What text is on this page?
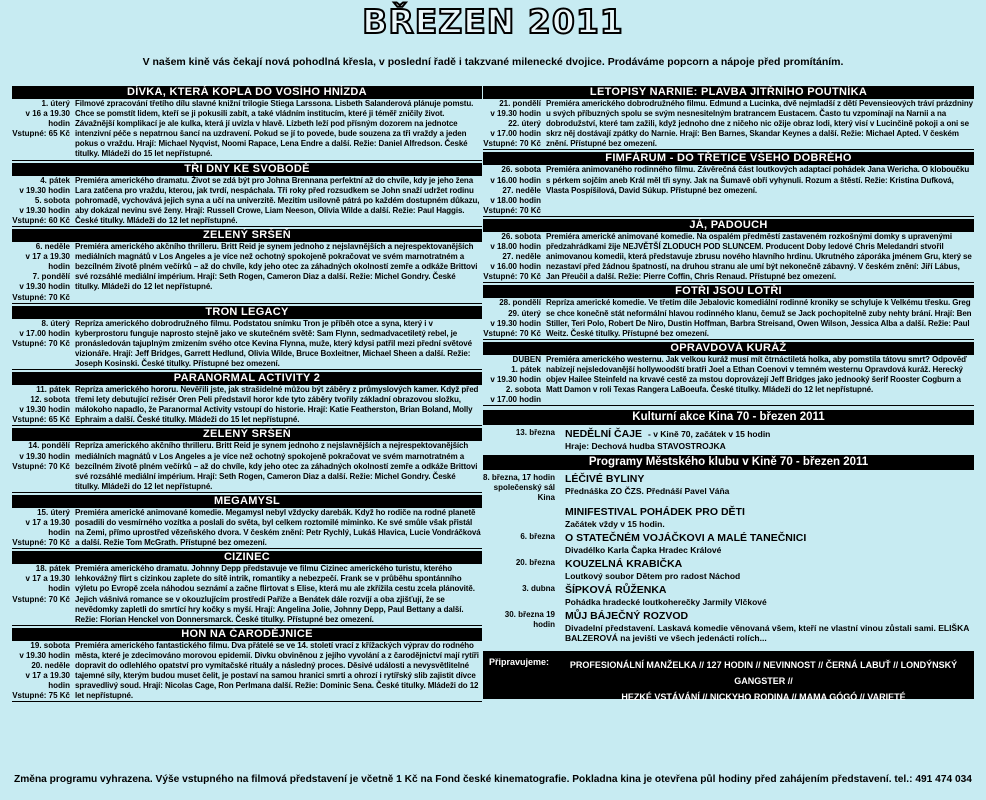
BŘEZEN 2011
V našem kině vás čekají nová pohodlná křesla, v poslední řadě i takzvané milenecké dvojice. Prodáváme popcorn a nápoje před promítáním.
DÍVKA, KTERÁ KOPLA DO VOSÍHO HNÍZDA
1. úterý
v 16 a 19.30 hodin
Vstupné: 65 Kč
Filmové zpracování třetího dílu slavné knižní trilogie Stiega Larssona. Lisbeth Salanderová plánuje pomstu. Chce se pomstít lidem, kteří se ji pokusili zabít, a také vládním institucím, které ji téměř zničily život. Závažnější komplikací je ale kulka, která jí uvízla v hlavě. Lízbeth leží pod přísným dozorem na jednotce intenzivní péče s nepatrnou šancí na uzdravení. Pokud se jí to povede, bude souzena za tři vraždy a jeden pokus o vraždu. Hrají: Michael Nyqvist, Noomi Rapace, Lena Endre a další. Režie: Daniel Alfredson. České titulky. Mládeži do 15 let nepřístupné.
TŘI DNY KE SVOBODĚ
4. pátek
v 19.30 hodin
5. sobota
v 19.30 hodin
Vstupné: 60 Kč
Premiéra amerického dramatu. Život se zdá být pro Johna Brennana perfektní až do chvíle, kdy je jeho žena Lara zatčena pro vraždu, kterou, jak tvrdí, nespáchala. Tři roky před rozsudkem se John snaží udržet rodinu pohromadě, vychovává jejich syna a učí na univerzitě. Mezitím usilovně pátrá po každém dostupném důkazu, aby dokázal nevinu své ženy. Hrají: Russell Crowe, Liam Neeson, Olivia Wilde a další. Režie: Paul Haggis. České titulky. Mládeži do 12 let nepřístupné.
ZELENÝ SRŠEŇ
6. neděle
v 17 a 19.30 hodin
7. pondělí
v 19.30 hodin
Vstupné: 70 Kč
Premiéra amerického akčního thrilleru. Britt Reid je synem jednoho z nejslavnějších a nejrespektovanějších mediálních magnátů v Los Angeles a je více než ochotný spokojeně pokračovat ve svém marnotratném a bezcílném životě plném večírků – až do chvíle, kdy jeho otec za záhadných okolností zemře a odkáže Brittovi své rozsáhlé mediální impérium. Hrají: Seth Rogen, Cameron Diaz a další. Režie: Michel Gondry. České titulky. Mládeži do 12 let nepřístupné.
TRON LEGACY
8. úterý
v 17.00 hodin
Vstupné: 70 Kč
Repríza amerického dobrodružného filmu. Podstatou snímku Tron je příběh otce a syna, který i v kyberprostoru funguje naprosto stejně jako ve skutečném světě: Sam Flynn, sedmadvacetiletý rebel, je pronásledován tajuplným zmizením svého otce Kevina Flynna, muže, který kdysi patřil mezi přední světové vizionáře. Hrají: Jeff Bridges, Garrett Hedlund, Olivia Wilde, Bruce Boxleitner, Michael Sheen a další. Režie: Joseph Kosinski. České titulky. Přístupné bez omezení.
PARANORMAL ACTIVITY 2
11. pátek
12. sobota
v 19.30 hodin
Vstupné: 65 Kč
Repríza amerického hororu. Nevěřili jste, jak strašidelné můžou být záběry z průmyslových kamer. Když před třemi lety debutující režisér Oren Peli představil horor kde tyto záběry tvořily základní obrazovou složku, málokoho napadlo, že Paranormal Activity vstoupí do historie. Hrají: Katie Featherston, Brian Boland, Molly Ephraim a další. České titulky. Mládeži do 15 let nepřístupné.
ZELENÝ SRŠEŇ
14. pondělí
v 19.30 hodin
Vstupné: 70 Kč
Repríza amerického akčního thrilleru. Britt Reid je synem jednoho z nejslavnějších a nejrespektovanějších mediálních magnátů v Los Angeles a je více než ochotný spokojeně pokračovat ve svém marnotratném a bezcílném životě plném večírků – až do chvíle, kdy jeho otec za záhadných okolností zemře a odkáže Brittovi své rozsáhlé mediální impérium. Hrají: Seth Rogen, Cameron Diaz a další. Režie: Michel Gondry. České titulky. Mládeži do 12 let nepřístupné.
MEGAMYSL
15. úterý
v 17 a 19.30 hodin
Vstupné: 70 Kč
Premiéra americké animované komedie. Megamysl nebyl vždycky darebák. Když ho rodiče na rodné planetě posadili do vesmírného vozítka a poslali do světa, byl celkem roztomilé miminko. Ke své smůle však přistál na Zemi, přímo uprostřed vězeňského dvora. V českém znění: Petr Rychlý, Lukáš Hlavica, Lucie Vondráčková a další. Režie Tom McGrath. Přístupné bez omezení.
CIZINEC
18. pátek
v 17 a 19.30 hodin
Vstupné: 70 Kč
Premiéra amerického dramatu. Johnny Depp představuje ve filmu Cizinec amerického turistu, kterého lehkovážný flirt s cizinkou zaplete do sítě intrik, romantiky a nebezpečí. Frank se v průběhu spontánního výletu po Evropě zcela náhodou seznámí a začne flirtovat s Elise, která mu ale zkřížila cestu zcela plánovitě. Jejich vášnivá romance se v okouzlujícím prostředí Paříže a Benátek dále rozvíjí a oba zjišťují, že se nevědomky zapletli do smrtící hry kočky s myší. Hrají: Angelina Jolie, Johnny Depp, Paul Bettany a další. Režie: Florian Henckel von Donnersmarck. České titulky. Přístupné bez omezení.
HON NA ČARODĚJNICE
19. sobota
v 19.30 hodin
20. neděle
v 17 a 19.30 hodin
Vstupné: 75 Kč
Premiéra amerického fantastického filmu. Dva přátelé se ve 14. století vrací z křížackých výprav do rodného města, které je zdecimováno morovou epidemií. Divku obviněnou z jejího vyvolání a z čarodějnictví mají rytíři dopravit do odlehlého opatství pro vymítačské rituály a následný proces. Děsivé události a nevysvětlitelné tajemné síly, kterým budou muset čelit, je postaví na samou hranici smrti a ohrozí i rytířský slib zajistit dívce spravedlivý soud. Hrají: Nicolas Cage, Ron Perlmana další. Režie: Dominic Sena. České titulky. Mládeži do 12 let nepřístupné.
LETOPISY NARNIE: PLAVBA JITŘNÍHO POUTNÍKA
21. pondělí
v 19.30 hodin
22. úterý
v 17.00 hodin
Vstupné: 70 Kč
Premiéra amerického dobrodružného filmu. Edmund a Lucinka, dvě nejmladší z dětí Pevensieových tráví prázdniny u svých příbuzných spolu se svým nesnesitelným bratrancem Eustacem. Často tu vzpomínají na Narnii a na dobrodužství, které tam zažili, když jednoho dne z ničeho nic ožije obraz lodi, který visí v Lucinčině pokoji a oni se skrz něj dostávají zpátky do Narnie. Hrají: Ben Barnes, Skandar Keynes a další. Režie: Michael Apted. V českém znění. Přístupné bez omezení.
FIMFÁRUM - DO TŘETICE VŠEHO DOBRÉHO
26. sobota
v 16.00 hodin
27. neděle
v 18.00 hodin
Vstupné: 70 Kč
Premiéra animovaného rodinného filmu. Závěrečná část loutkových adaptací pohádek Jana Wericha. O kloboučku s pérkem sojčím aneb Král měl tři syny. Jak na Šumavě obři vyhynuli. Rozum a štěstí. Režie: Kristina Dufková, Vlasta Pospíšilová, David Súkup. Přístupné bez omezení.
JÁ, PADOUCH
26. sobota
v 18.00 hodin
27. neděle
v 16.00 hodin
Vstupné: 70 Kč
Premiéra americké animované komedie. Na ospalém předměstí zastaveném rozkošnými domky s upravenými předzahrádkami žije NEJVĚTŠÍ ZLODUCH POD SLUNCEM. Producent Doby ledové Chris Meledandri stvořil animovanou komedii, která představuje zbrusu nového hlavního hrdinu. Ukrutného záporáka jménem Gru, který se nezastaví před žádnou špatností, na druhou stranu ale umí být nekonečně zábavný. V českém znění: Jiří Lábus, Jan Přeučil a další. Režie: Pierre Coffin, Chris Renaud. Přístupné bez omezení.
FOTŘI JSOU LOTŘI
28. pondělí
29. úterý
v 19.30 hodin
Vstupné: 70 Kč
Repríza americké komedie. Ve třetím díle Jebalovic komediální rodinné kroniky se schyluje k Velkému třesku. Greg se chce konečně stát neformální hlavou rodinného klanu, čemuž se Jack pochopitelně zuby nehty brání. Hrají: Ben Stiller, Teri Polo, Robert De Niro, Dustin Hoffman, Barbra Streisand, Owen Wilson, Jessica Alba a další. Režie: Paul Weitz. České titulky. Přístupné bez omezení.
OPRAVDOVÁ KURÁŽ
DUBEN
1. pátek
v 19.30 hodin
2. sobota
v 17.00 hodin
Premiéra amerického westernu. Jak velkou kuráž musí mít čtrnáctiletá holka, aby pomstila tátovu smrt? Odpověď nabízejí nejsledovanější hollywoodští bratři Joel a Ethan Coenovi v temném westernu Opravdová kuráž. Herecký objev Hailee Steinfeld na krvavé cestě za mstou doprovázejí Jeff Bridges jako jednooký šerif Rooster Cogburn a Matt Damon v roli Texas Rangera LaBoeufa. České titulky. Mládeži do 12 let nepřístupné.
Kulturní akce Kina 70 - březen 2011
13. března NEDĚLNÍ ČAJE - v Kině 70, začátek v 15 hodin
Hraje: Dechová hudba STAVOSTROJKA
Programy Městského klubu v Kině 70 - březen 2011
8. března, 17 hodin společenský sál Kina
LÉČIVÉ BYLINY
Přednáška ZO ČZS. Přednáší Pavel Váňa
MINIFESTIVAL POHÁDEK PRO DĚTI
Začátek vždy v 15 hodin.
6. března O STATEČNÉM VOJÁČKOVI A MALÉ TANEČNICI
Divadélko Karla Čapka Hradec Králové
20. března KOUZELNÁ KRABIČKA
Loutkový soubor Dětem pro radost Náchod
3. dubna ŠÍPKOVÁ RŮŽENKA
Pohádka hradecké loutkoherečky Jarmily Vlčkové
30. března 19 hodin
MŮJ BÁJEČNÝ ROZVOD
Divadelní představení. Laskavá komedie věnovaná všem, kteří ne vlastní vinou zůstali sami. ELIŠKA BALZEROVÁ na jevišti ve všech jedenácti rolích...
Připravujeme:	PROFESIONÁLNÍ MANŽELKA // 127 HODIN // NEVINNOST // ČERNÁ LABUŤ // LONDÝNSKÝ GANGSTER //
HEZKÉ VSTÁVÁNÍ // NICKYHO RODINA // MAMA GÓGÓ // VARIETÉ
Změna programu vyhrazena. Výše vstupného na filmová představení je včetně 1 Kč na Fond české kinematografie. Pokladna kina je otevřena půl hodiny před zahájením představení. tel.: 491 474 034
